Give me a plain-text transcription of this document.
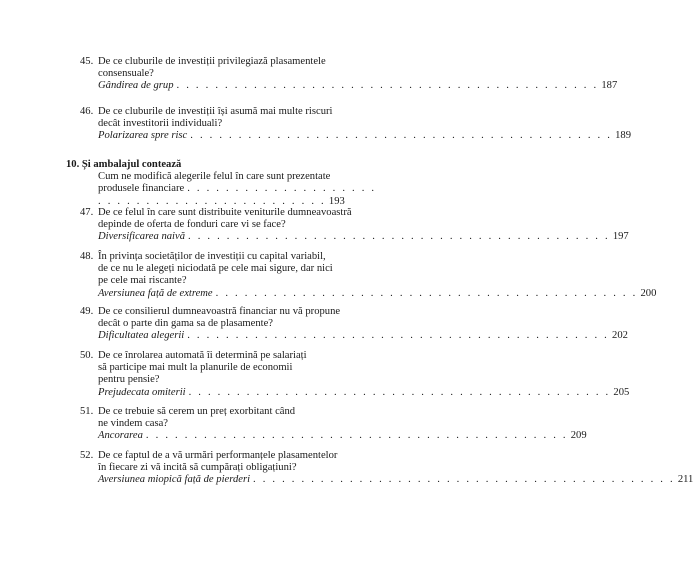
45. De ce cluburile de investiții privilegiază plasamentele
consensuale?
Gândirea de grup . . . . . . . . . . . . . . . . . . . . . . . . . . . . . . . . . . . . . . . . . . . . 187
46. De ce cluburile de investiții își asumă mai multe riscuri
decât investitorii individuali?
Polarizarea spre risc . . . . . . . . . . . . . . . . . . . . . . . . . . . . . . . . . . . . . . . . . . . . 189
10. Și ambalajul contează
Cum ne modifică alegerile felul în care sunt prezentate
produsele financiare . . . . . . . . . . . . . . . . . . . . . . . . . . . . . . . . . . . . . . . . . . . . 193
47. De ce felul în care sunt distribuite veniturile dumneavoastră
depinde de oferta de fonduri care vi se face?
Diversificarea naivă . . . . . . . . . . . . . . . . . . . . . . . . . . . . . . . . . . . . . . . . . . . . 197
48. În privința societăților de investiții cu capital variabil,
de ce nu le alegeți niciodată pe cele mai sigure, dar nici
pe cele mai riscante?
Aversiunea față de extreme . . . . . . . . . . . . . . . . . . . . . . . . . . . . . . . . . . . . . . . . . . . . 200
49. De ce consilierul dumneavoastră financiar nu vă propune
decât o parte din gama sa de plasamente?
Dificultatea alegerii . . . . . . . . . . . . . . . . . . . . . . . . . . . . . . . . . . . . . . . . . . . . 202
50. De ce înrolarea automată îi determină pe salariați
să participe mai mult la planurile de economii
pentru pensie?
Prejudecata omiterii . . . . . . . . . . . . . . . . . . . . . . . . . . . . . . . . . . . . . . . . . . . . 205
51. De ce trebuie să cerem un preț exorbitant când
ne vindem casa?
Ancorarea . . . . . . . . . . . . . . . . . . . . . . . . . . . . . . . . . . . . . . . . . . . . 209
52. De ce faptul de a vă urmări performanțele plasamentelor
în fiecare zi vă incită să cumpărați obligațiuni?
Aversiunea miopică față de pierderi . . . . . . . . . . . . . . . . . . . . . . . . . . . . . . . . . . . . . . . . . . . . 211
